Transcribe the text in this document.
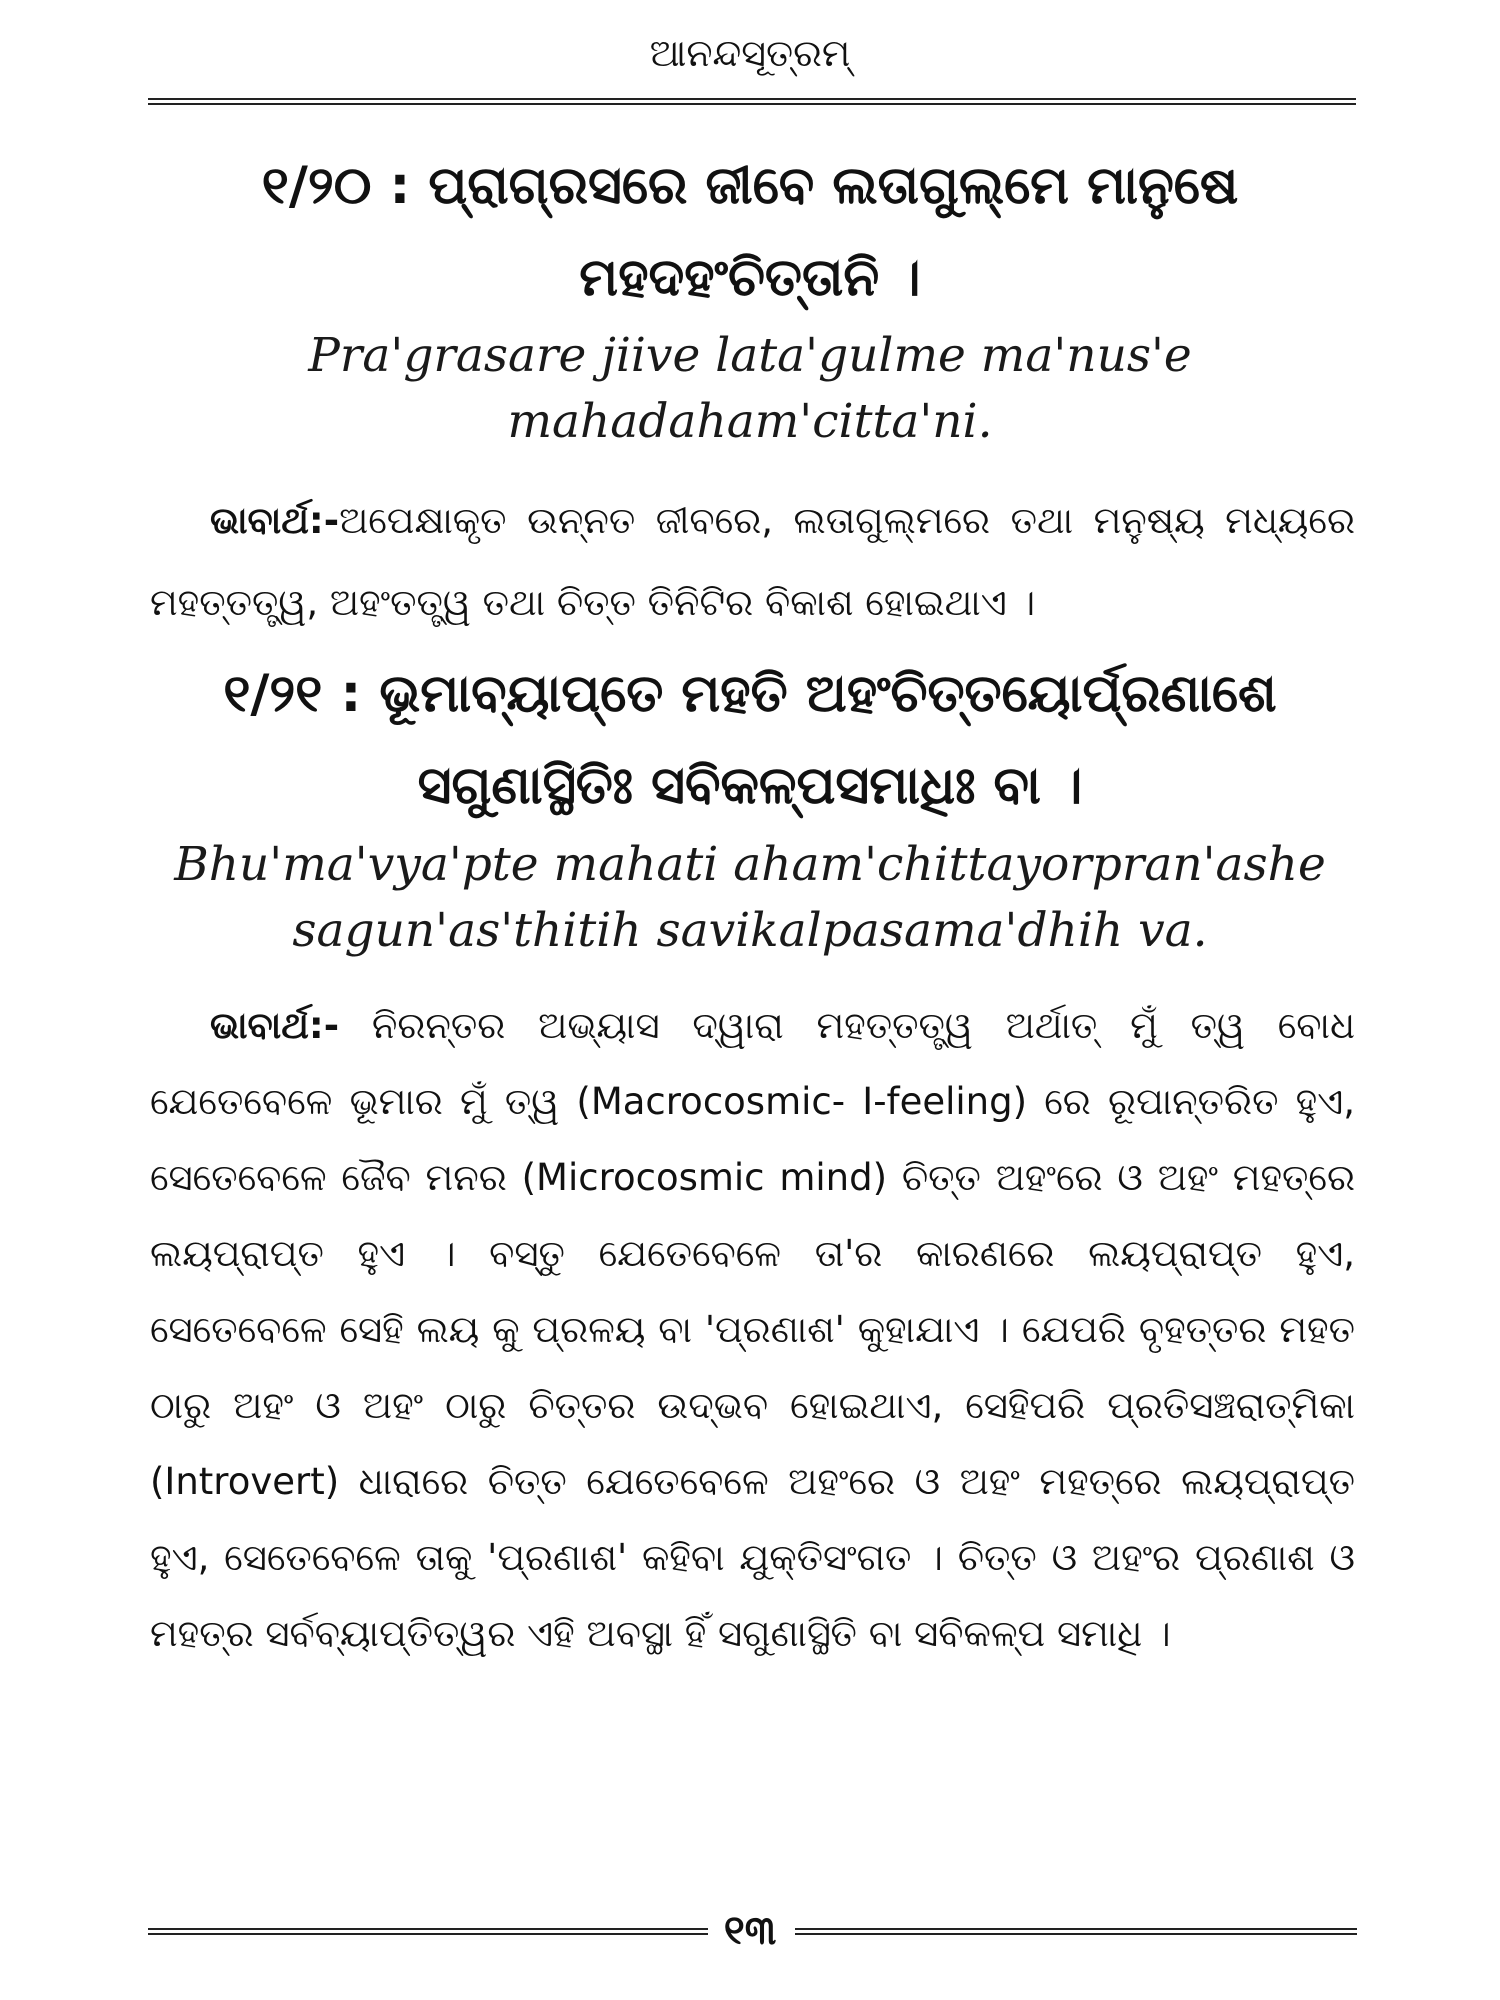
ଆନନ୍ଦସୂତ୍ରମ୍
୧/୨୦ : ପ୍ରାଗ୍ରସରେ ଜୀବେ ଲତାଗୁଲ୍ମେ ମାନୁଷେ
ମହଦହଂଚିତ୍ତାନି ।
Pra'grasare jiive lata'gulme ma'nus'e
mahadaham'citta'ni.
ଭାବାର୍ଥ:-ଅପେକ୍ଷାକୃତ ଉନ୍ନତ ଜୀବରେ, ଲତାଗୁଲ୍ମରେ ତଥା ମନୁଷ୍ୟ ମଧ୍ୟରେ ମହତ୍‌ତତ୍ତ୍ୱ, ଅହଂତତ୍ତ୍ୱ ତଥା ଚିତ୍ତ ତିନିଟିର ବିକାଶ ହୋଇଥାଏ ।
୧/୨୧ : ଭୂମାବ୍ୟାପ୍ତେ ମହତି ଅହଂଚିତ୍ତୟୋର୍ପ୍ରଣାଶେ
ସଗୁଣାସ୍ଥିତିଃ ସବିକଳ୍ପସମାଧିଃ ବା ।
Bhu'ma'vya'pte mahati aham'chittayorpran'ashe
sagun'as'thitih savikalpasama'dhih va.
ଭାବାର୍ଥ:- ନିରନ୍ତର ଅଭ୍ୟାସ ଦ୍ୱାରା ମହତ୍‌ତତ୍ତ୍ୱ ଅର୍ଥାତ୍ ମୁଁ ତ୍ୱ ବୋଧ ଯେତେବେଳେ ଭୂମାର ମୁଁ ତ୍ୱ (Macrocosmic- I-feeling) ରେ ରୂପାନ୍ତରିତ ହୁଏ, ସେତେବେଳେ ଜୈବ ମନର (Microcosmic mind) ଚିତ୍ତ ଅହଂରେ ଓ ଅହଂ ମହତ୍‌ରେ ଲୟପ୍ରାପ୍ତ ହୁଏ । ବସ୍ତୁ ଯେତେବେଳେ ତା'ର କାରଣରେ ଲୟପ୍ରାପ୍ତ ହୁଏ, ସେତେବେଳେ ସେହି ଲୟ କୁ ପ୍ରଳୟ ବା 'ପ୍ରଣାଶ' କୁହାଯାଏ । ଯେପରି ବୃହତ୍ତର ମହତ ଠାରୁ ଅହଂ ଓ ଅହଂ ଠାରୁ ଚିତ୍ତର ଉଦ୍ଭବ ହୋଇଥାଏ, ସେହିପରି ପ୍ରତିସଞ୍ଚରାତ୍ମିକା (Introvert) ଧାରାରେ ଚିତ୍ତ ଯେତେବେଳେ ଅହଂରେ ଓ ଅହଂ ମହତ୍‌ରେ ଲୟପ୍ରାପ୍ତ ହୁଏ, ସେତେବେଳେ ତାକୁ 'ପ୍ରଣାଶ' କହିବା ଯୁକ୍ତିସଂଗତ । ଚିତ୍ତ ଓ ଅହଂର ପ୍ରଣାଶ ଓ ମହତ୍‌ର ସର୍ବବ୍ୟାପ୍ତିତ୍ୱର ଏହି ଅବସ୍ଥା ହିଁ ସଗୁଣାସ୍ଥିତି ବା ସବିକଳ୍ପ ସମାଧି ।
୧୩
